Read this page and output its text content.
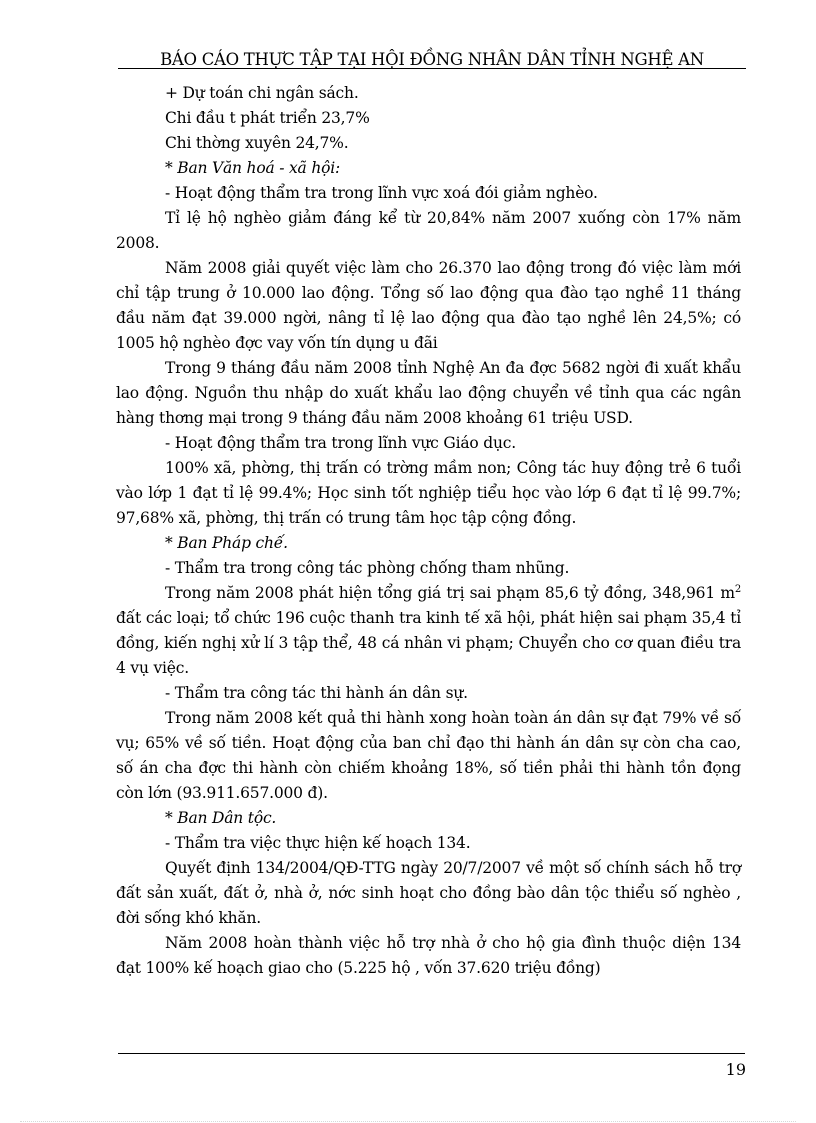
BÁO CÁO THỰC TẬP TẠI HỘI ĐỒNG NHÂN DÂN TỈNH NGHỆ AN

+ Dự toán chi ngân sách.

Chi đầu t phát triển 23,7%

Chi thờng xuyên 24,7%.

* Ban Văn hoá - xã hội:

- Hoạt động thẩm tra trong lĩnh vực xoá đói giảm nghèo.

Tỉ lệ hộ nghèo giảm đáng kể từ 20,84% năm 2007 xuống còn 17% năm 2008.

Năm 2008 giải quyết việc làm cho 26.370 lao động trong đó việc làm mới chỉ tập trung ở 10.000 lao động. Tổng số lao động qua đào tạo nghề 11 tháng đầu năm đạt 39.000 ngời, nâng tỉ lệ lao động qua đào tạo nghề lên 24,5%; có 1005 hộ nghèo đợc vay vốn tín dụng u đãi

Trong 9 tháng đầu năm 2008 tỉnh Nghệ An đa đợc 5682 ngời đi xuất khẩu lao động. Nguồn thu nhập do xuất khẩu lao động chuyển về tỉnh qua các ngân hàng thơng mại trong 9 tháng đầu năm 2008 khoảng 61 triệu USD.

- Hoạt động thẩm tra trong lĩnh vực Giáo dục.

100% xã, phờng, thị trấn có trờng mầm non; Công tác huy động trẻ 6 tuổi vào lớp 1 đạt tỉ lệ 99.4%; Học sinh tốt nghiệp tiểu học vào lớp 6 đạt tỉ lệ 99.7%; 97,68% xã, phờng, thị trấn có trung tâm học tập cộng đồng.

* Ban Pháp chế.

- Thẩm tra trong công tác phòng chống tham nhũng.

Trong năm 2008 phát hiện tổng giá trị sai phạm 85,6 tỷ đồng, 348,961 $m^2$ đất các loại; tổ chức 196 cuộc thanh tra kinh tế xã hội, phát hiện sai phạm 35,4 tỉ đồng, kiến nghị xử lí 3 tập thể, 48 cá nhân vi phạm; Chuyển cho cơ quan điều tra 4 vụ việc.

- Thẩm tra công tác thi hành án dân sự.

Trong năm 2008 kết quả thi hành xong hoàn toàn án dân sự đạt 79% về số vụ; 65% về số tiền. Hoạt động của ban chỉ đạo thi hành án dân sự còn cha cao, số án cha đợc thi hành còn chiếm khoảng 18%, số tiền phải thi hành tồn đọng còn lớn (93.911.657.000 đ).

* Ban Dân tộc.

- Thẩm tra việc thực hiện kế hoạch 134.

Quyết định 134/2004/QĐ-TTG ngày 20/7/2007 về một số chính sách hỗ trợ đất sản xuất, đất ở, nhà ở, nớc sinh hoạt cho đồng bào dân tộc thiểu số nghèo , đời sống khó khăn.

Năm 2008 hoàn thành việc hỗ trợ nhà ở cho hộ gia đình thuộc diện 134 đạt 100% kế hoạch giao cho (5.225 hộ , vốn 37.620 triệu đồng)

19
